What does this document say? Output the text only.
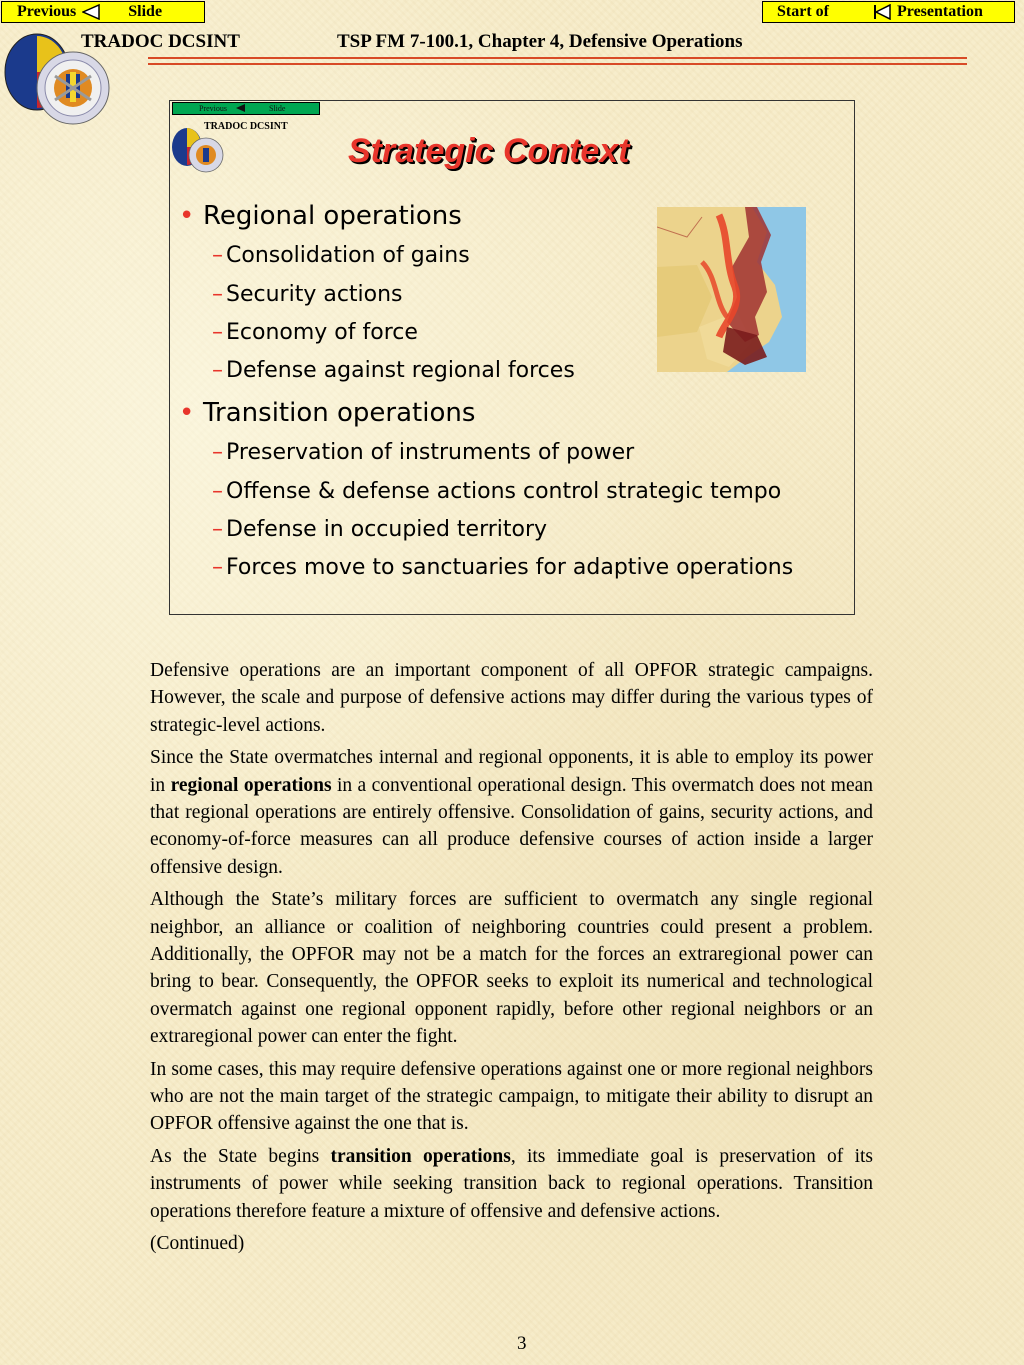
Previous	Slide	Start of	Presentation
TRADOC DCSINT	TSP FM 7-100.1, Chapter 4, Defensive Operations
Previous	Slide
TRADOC DCSINT
Strategic Context
• Regional operations
– Consolidation of gains
– Security actions
– Economy of force
– Defense against regional forces
• Transition operations
– Preservation of instruments of power
– Offense & defense actions control strategic tempo
– Defense in occupied territory
– Forces move to sanctuaries for adaptive operations

Defensive operations are an important component of all OPFOR strategic campaigns. However, the scale and purpose of defensive actions may differ during the various types of strategic-level actions.

Since the State overmatches internal and regional opponents, it is able to employ its power in regional operations in a conventional operational design. This overmatch does not mean that regional operations are entirely offensive. Consolidation of gains, security actions, and economy-of-force measures can all produce defensive courses of action inside a larger offensive design.

Although the State’s military forces are sufficient to overmatch any single regional neighbor, an alliance or coalition of neighboring countries could present a problem. Additionally, the OPFOR may not be a match for the forces an extraregional power can bring to bear. Consequently, the OPFOR seeks to exploit its numerical and technological overmatch against one regional opponent rapidly, before other regional neighbors or an extraregional power can enter the fight.

In some cases, this may require defensive operations against one or more regional neighbors who are not the main target of the strategic campaign, to mitigate their ability to disrupt an OPFOR offensive against the one that is.

As the State begins transition operations, its immediate goal is preservation of its instruments of power while seeking transition back to regional operations. Transition operations therefore feature a mixture of offensive and defensive actions.

(Continued)

3
